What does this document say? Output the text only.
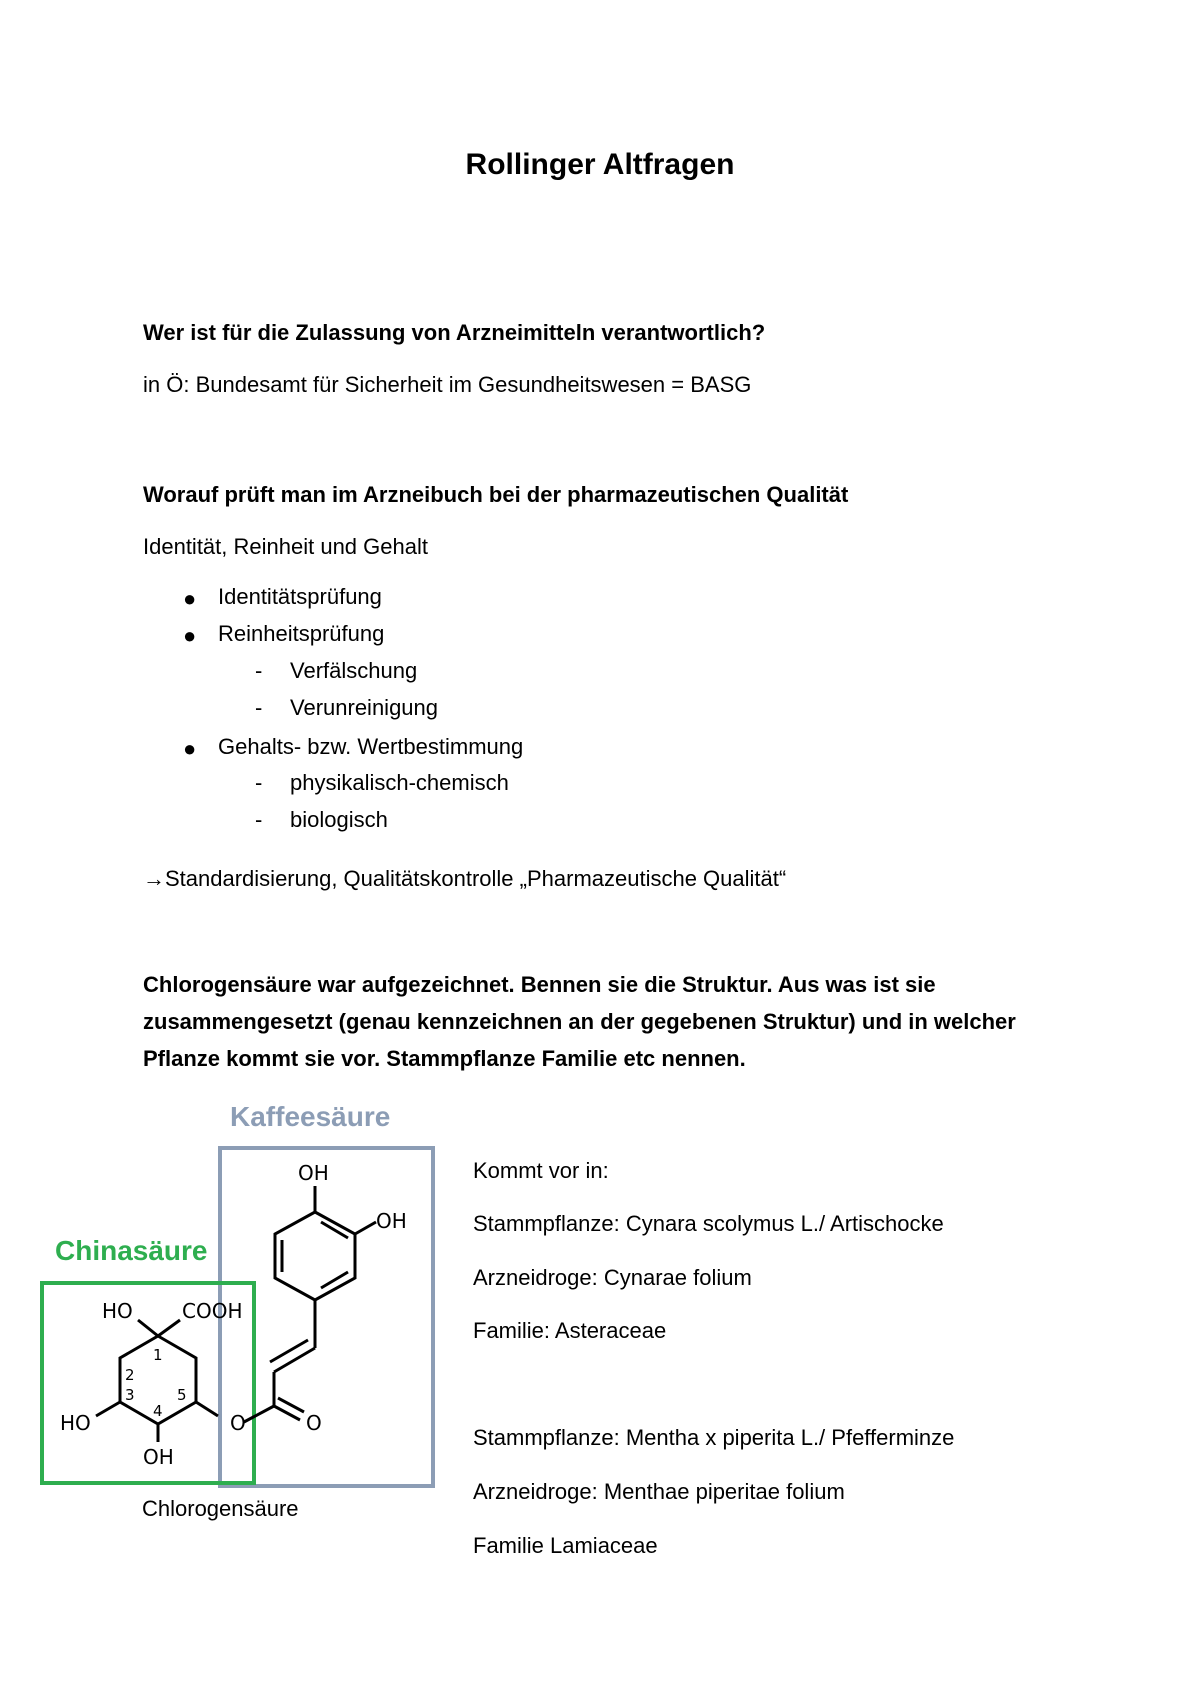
Rollinger Altfragen
Wer ist für die Zulassung von Arzneimitteln verantwortlich?
in Ö: Bundesamt für Sicherheit im Gesundheitswesen = BASG
Worauf prüft man im Arzneibuch bei der pharmazeutischen Qualität
Identität, Reinheit und Gehalt
● Identitätsprüfung
● Reinheitsprüfung
- Verfälschung
- Verunreinigung
● Gehalts- bzw. Wertbestimmung
- physikalisch-chemisch
- biologisch
→Standardisierung, Qualitätskontrolle „Pharmazeutische Qualität“
Chlorogensäure war aufgezeichnet. Bennen sie die Struktur. Aus was ist sie zusammengesetzt (genau kennzeichnen an der gegebenen Struktur) und in welcher Pflanze kommt sie vor. Stammpflanze Familie etc nennen.
Kaffeesäure
Chinasäure
OH
OH
O	O
HO COOH
HO
OH
1
2
3
4
5
Chlorogensäure
Kommt vor in:
Stammpflanze: Cynara scolymus L./ Artischocke
Arzneidroge: Cynarae folium
Familie: Asteraceae
Stammpflanze: Mentha x piperita L./ Pfefferminze
Arzneidroge: Menthae piperitae folium
Familie Lamiaceae
